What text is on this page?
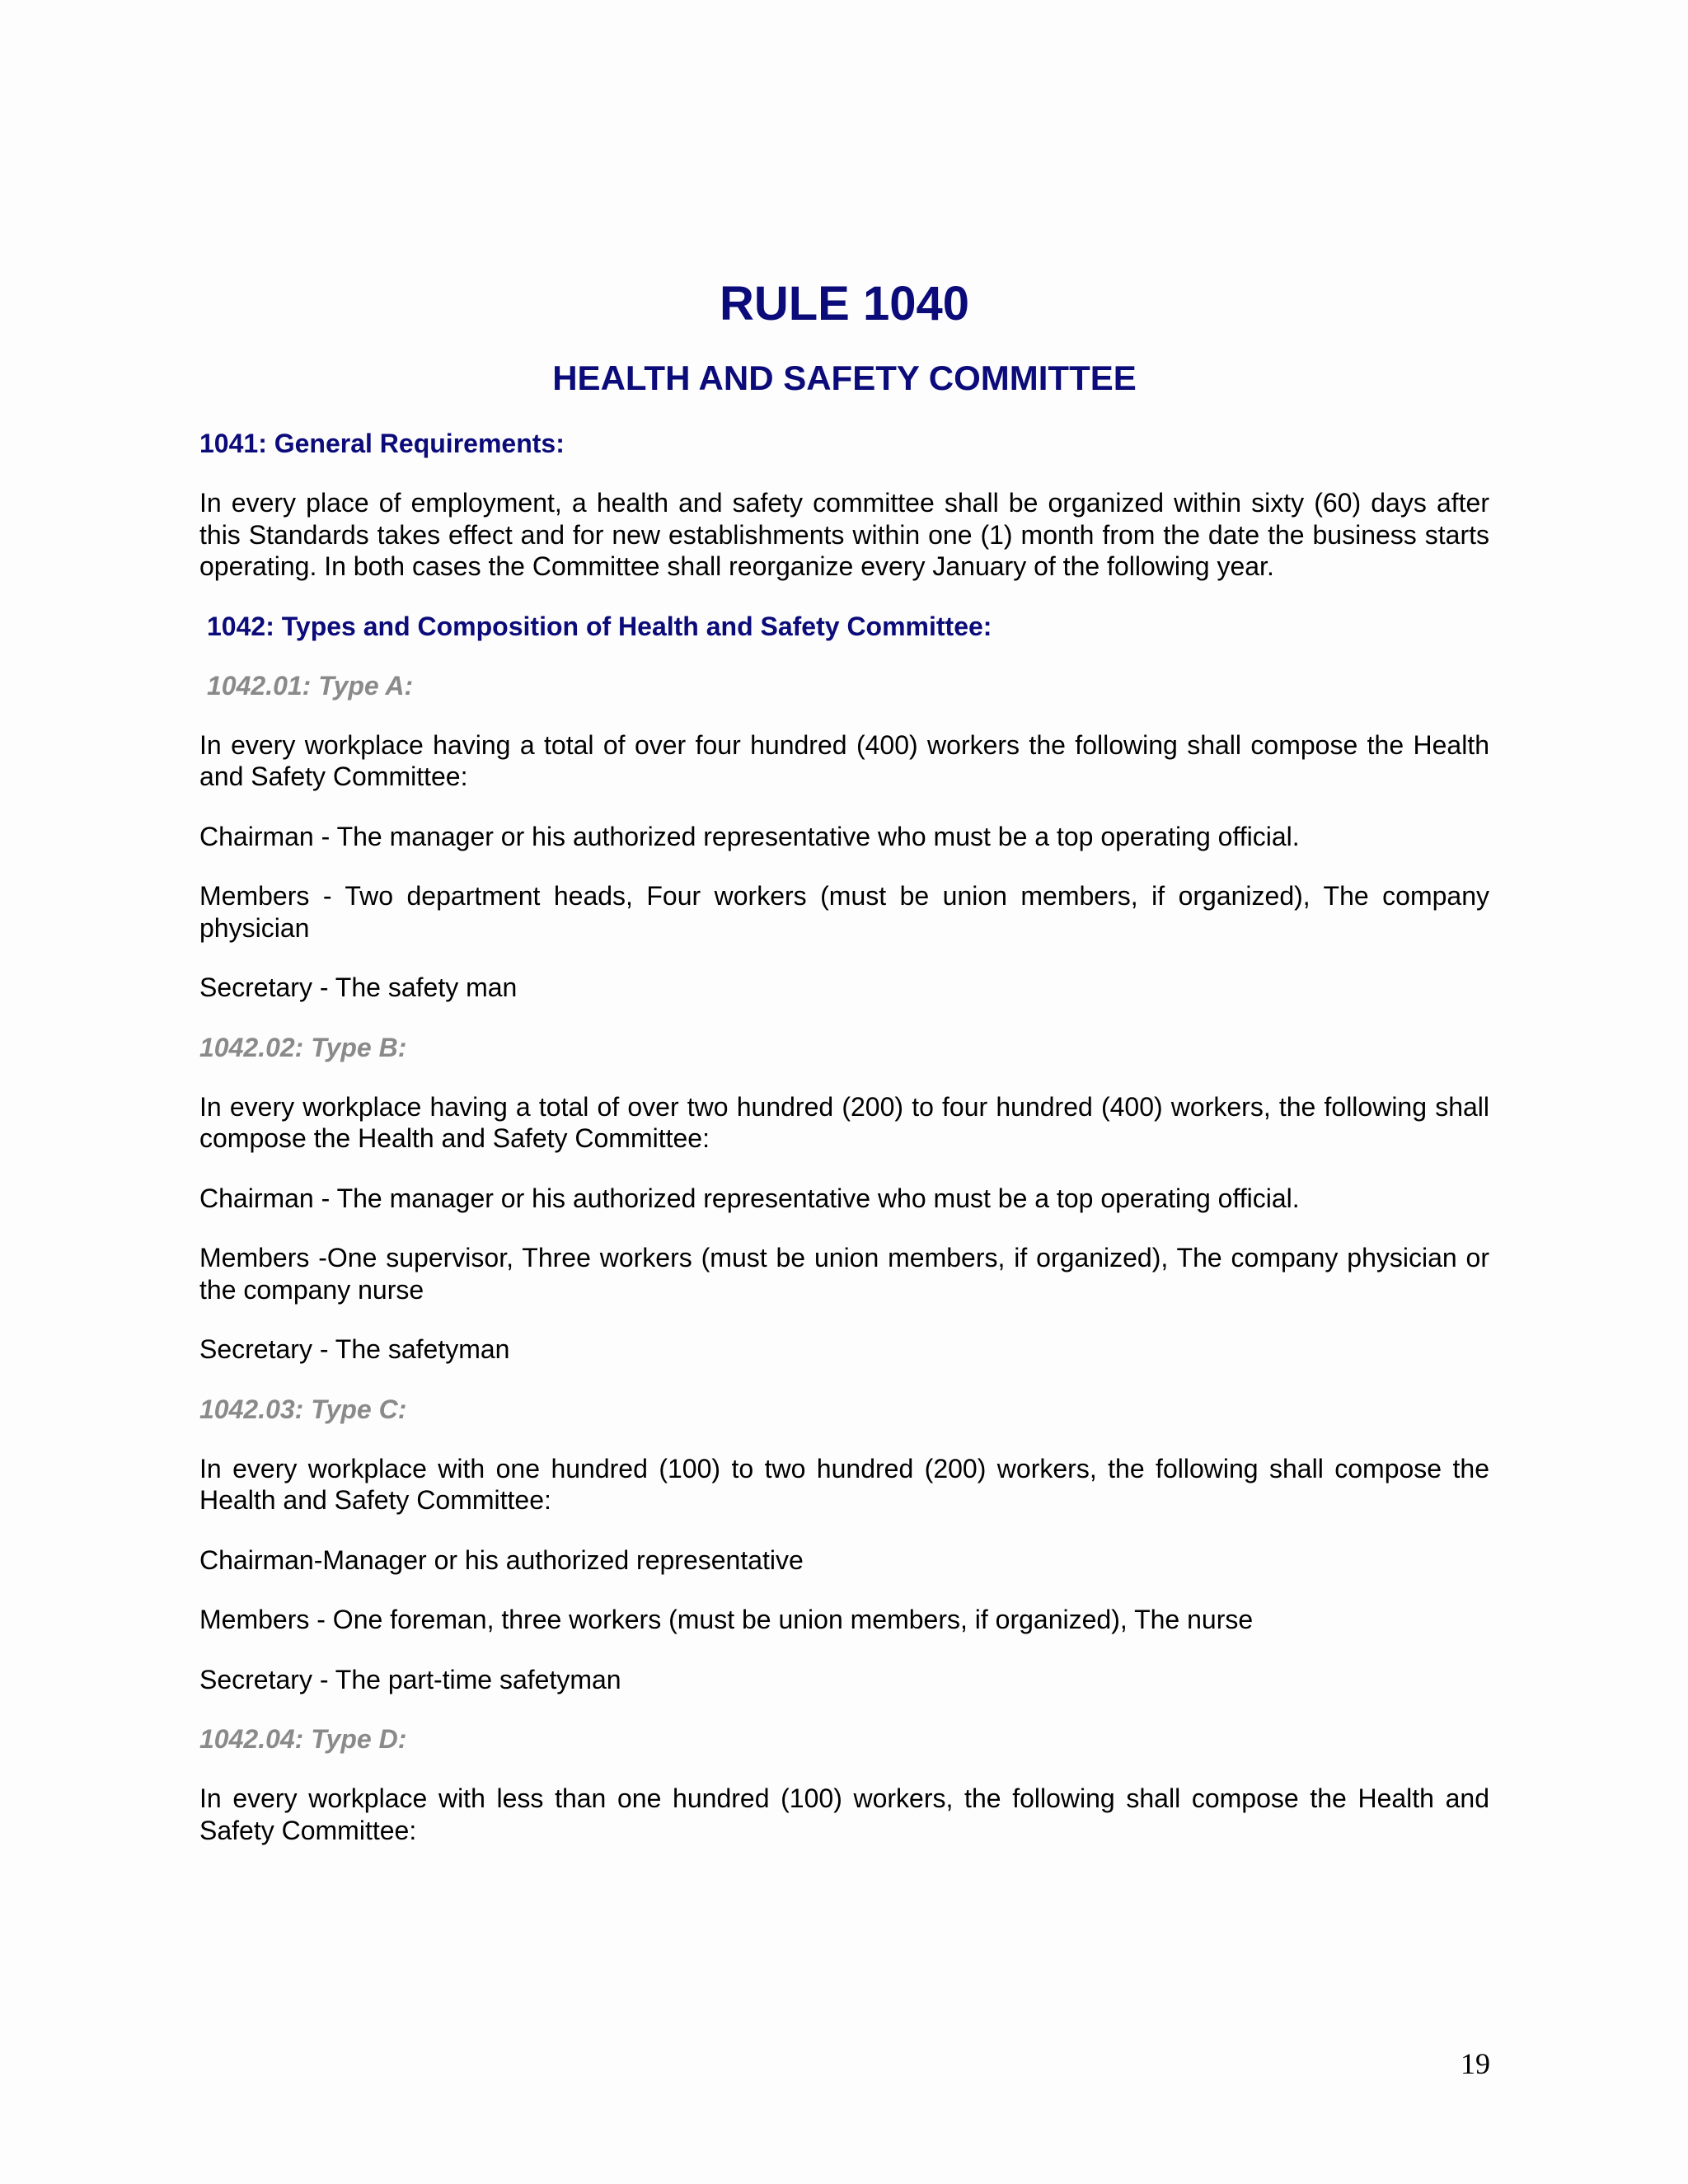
RULE 1040
HEALTH AND SAFETY COMMITTEE
1041: General Requirements:

In every place of employment, a health and safety committee shall be organized within sixty (60) days after this Standards takes effect and for new establishments within one (1) month from the date the business starts operating. In both cases the Committee shall reorganize every January of the following year.

1042: Types and Composition of Health and Safety Committee:
1042.01: Type A:

In every workplace having a total of over four hundred (400) workers the following shall compose the Health and Safety Committee:

Chairman - The manager or his authorized representative who must be a top operating official.

Members - Two department heads, Four workers (must be union members, if organized), The company physician

Secretary - The safety man

1042.02: Type B:

In every workplace having a total of over two hundred (200) to four hundred (400) workers, the following shall compose the Health and Safety Committee:

Chairman - The manager or his authorized representative who must be a top operating official.

Members -One supervisor, Three workers (must be union members, if organized), The company physician or the company nurse

Secretary - The safetyman

1042.03: Type C:

In every workplace with one hundred (100) to two hundred (200) workers, the following shall compose the Health and Safety Committee:

Chairman-Manager or his authorized representative

Members - One foreman, three workers (must be union members, if organized), The nurse

Secretary - The part-time safetyman

1042.04: Type D:

In every workplace with less than one hundred (100) workers, the following shall compose the Health and Safety Committee:

19
